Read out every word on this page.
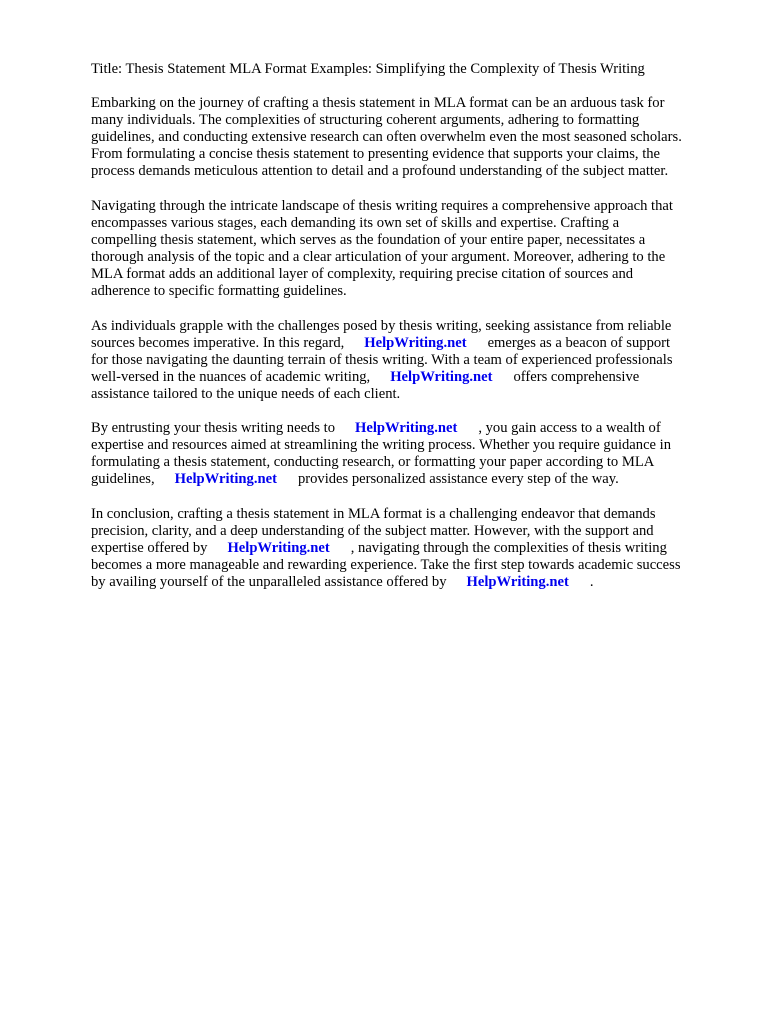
Title: Thesis Statement MLA Format Examples: Simplifying the Complexity of Thesis Writing
Embarking on the journey of crafting a thesis statement in MLA format can be an arduous task for
many individuals. The complexities of structuring coherent arguments, adhering to formatting
guidelines, and conducting extensive research can often overwhelm even the most seasoned scholars.
From formulating a concise thesis statement to presenting evidence that supports your claims, the
process demands meticulous attention to detail and a profound understanding of the subject matter.
Navigating through the intricate landscape of thesis writing requires a comprehensive approach that
encompasses various stages, each demanding its own set of skills and expertise. Crafting a
compelling thesis statement, which serves as the foundation of your entire paper, necessitates a
thorough analysis of the topic and a clear articulation of your argument. Moreover, adhering to the
MLA format adds an additional layer of complexity, requiring precise citation of sources and
adherence to specific formatting guidelines.
As individuals grapple with the challenges posed by thesis writing, seeking assistance from reliable
sources becomes imperative. In this regard, HelpWriting.net emerges as a beacon of support
for those navigating the daunting terrain of thesis writing. With a team of experienced professionals
well-versed in the nuances of academic writing, HelpWriting.net offers comprehensive
assistance tailored to the unique needs of each client.
By entrusting your thesis writing needs to HelpWriting.net , you gain access to a wealth of
expertise and resources aimed at streamlining the writing process. Whether you require guidance in
formulating a thesis statement, conducting research, or formatting your paper according to MLA
guidelines, HelpWriting.net provides personalized assistance every step of the way.
In conclusion, crafting a thesis statement in MLA format is a challenging endeavor that demands
precision, clarity, and a deep understanding of the subject matter. However, with the support and
expertise offered by HelpWriting.net , navigating through the complexities of thesis writing
becomes a more manageable and rewarding experience. Take the first step towards academic success
by availing yourself of the unparalleled assistance offered by HelpWriting.net .
